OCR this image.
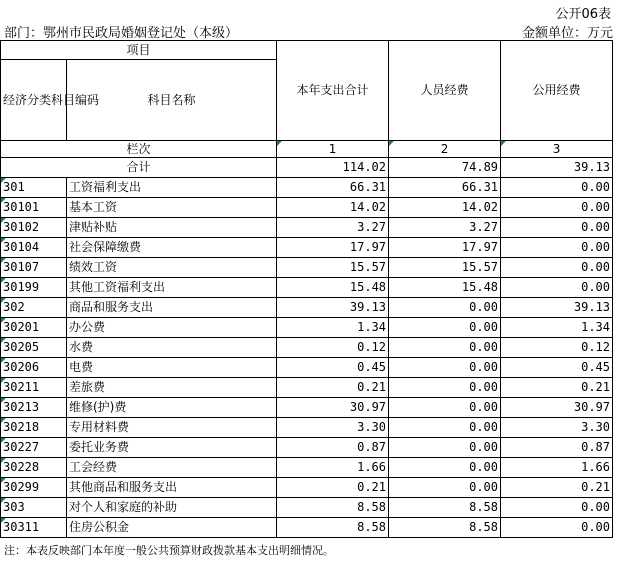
公开06表
部门：鄂州市民政局婚姻登记处（本级）	金额单位：万元
项目		本年支出合计	人员经费	公用经费
经济分类科目编码	科目名称			
栏次		1	2	3
合计		114.02	74.89	39.13

301	工资福利支出	66.31	66.31	0.00

30101	基本工资	14.02	14.02	0.00

30102	津贴补贴	3.27	3.27	0.00

30104	社会保障缴费	17.97	17.97	0.00

30107	绩效工资	15.57	15.57	0.00

30199	其他工资福利支出	15.48	15.48	0.00

302	商品和服务支出	39.13	0.00	39.13

30201	办公费	1.34	0.00	1.34

30205	水费	0.12	0.00	0.12

30206	电费	0.45	0.00	0.45

30211	差旅费	0.21	0.00	0.21

30213	维修(护)费	30.97	0.00	30.97

30218	专用材料费	3.30	0.00	3.30

30227	委托业务费	0.87	0.00	0.87

30228	工会经费	1.66	0.00	1.66

30299	其他商品和服务支出	0.21	0.00	0.21

303	对个人和家庭的补助	8.58	8.58	0.00

30311	住房公积金	8.58	8.58	0.00
注：本表反映部门本年度一般公共预算财政拨款基本支出明细情况。
